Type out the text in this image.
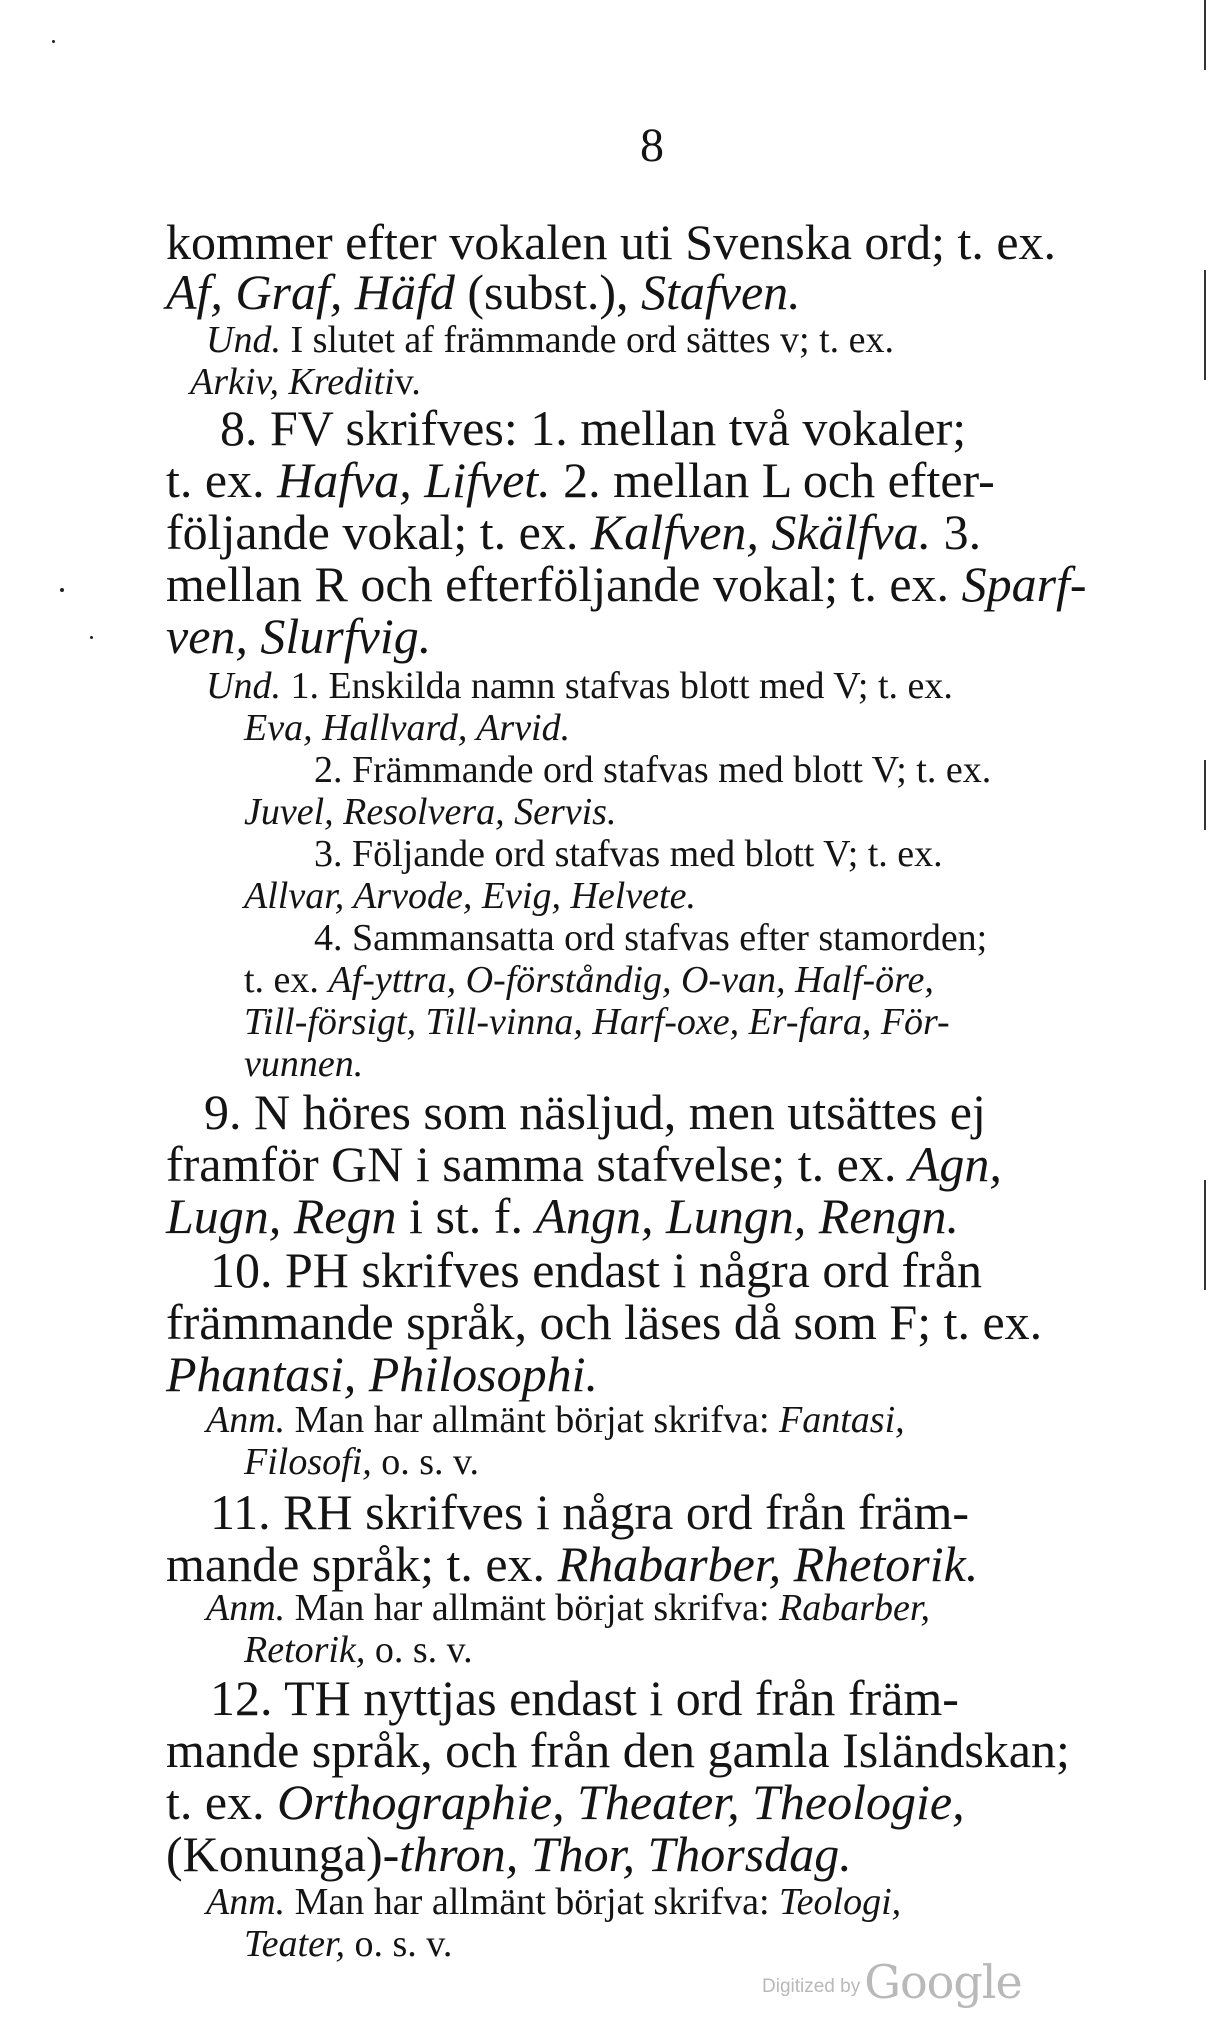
8
kommer efter vokalen uti Svenska ord; t. ex.
Af, Graf, Häfd (subst.), Stafven.
Und. I slutet af främmande ord sättes v; t. ex.
Arkiv, Kreditiv.
8. FV skrifves: 1. mellan två vokaler;
t. ex. Hafva, Lifvet. 2. mellan L och efter-
följande vokal; t. ex. Kalfven, Skälfva. 3.
mellan R och efterföljande vokal; t. ex. Sparf-
ven, Slurfvig.
Und. 1. Enskilda namn stafvas blott med V; t. ex.
Eva, Hallvard, Arvid.
2. Främmande ord stafvas med blott V; t. ex.
Juvel, Resolvera, Servis.
3. Följande ord stafvas med blott V; t. ex.
Allvar, Arvode, Evig, Helvete.
4. Sammansatta ord stafvas efter stamorden;
t. ex. Af-yttra, O-förståndig, O-van, Half-öre,
Till-försigt, Till-vinna, Harf-oxe, Er-fara, För-
vunnen.
9. N höres som näsljud, men utsättes ej
framför GN i samma stafvelse; t. ex. Agn,
Lugn, Regn i st. f. Angn, Lungn, Rengn.
10. PH skrifves endast i några ord från
främmande språk, och läses då som F; t. ex.
Phantasi, Philosophi.
Anm. Man har allmänt börjat skrifva: Fantasi,
Filosofi, o. s. v.
11. RH skrifves i några ord från främ-
mande språk; t. ex. Rhabarber, Rhetorik.
Anm. Man har allmänt börjat skrifva: Rabarber,
Retorik, o. s. v.
12. TH nyttjas endast i ord från främ-
mande språk, och från den gamla Isländskan;
t. ex. Orthographie, Theater, Theologie,
(Konunga)-thron, Thor, Thorsdag.
Anm. Man har allmänt börjat skrifva: Teologi,
Teater, o. s. v.
Digitized byGoogle
